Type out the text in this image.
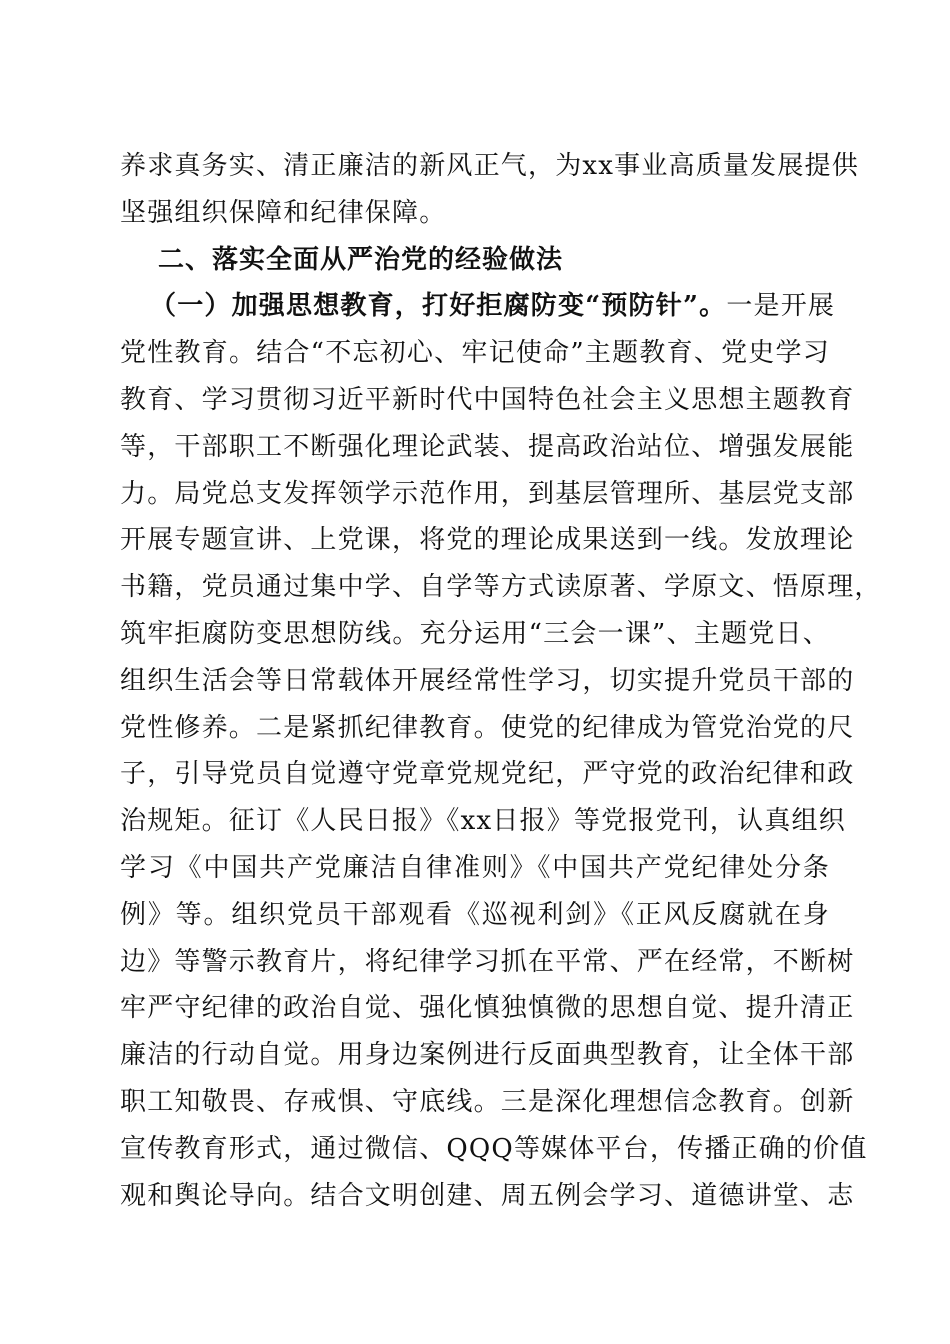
养求真务实、清正廉洁的新风正气，为xx事业高质量发展提供
坚强组织保障和纪律保障。
二、落实全面从严治党的经验做法
（一）加强思想教育，打好拒腐防变“预防针”。一是开展
党性教育。结合“不忘初心、牢记使命”主题教育、党史学习
教育、学习贯彻习近平新时代中国特色社会主义思想主题教育
等，干部职工不断强化理论武装、提高政治站位、增强发展能
力。局党总支发挥领学示范作用，到基层管理所、基层党支部
开展专题宣讲、上党课，将党的理论成果送到一线。发放理论
书籍，党员通过集中学、自学等方式读原著、学原文、悟原理，
筑牢拒腐防变思想防线。充分运用“三会一课”、主题党日、
组织生活会等日常载体开展经常性学习，切实提升党员干部的
党性修养。二是紧抓纪律教育。使党的纪律成为管党治党的尺
子，引导党员自觉遵守党章党规党纪，严守党的政治纪律和政
治规矩。征订《人民日报》《xx日报》等党报党刊，认真组织
学习《中国共产党廉洁自律准则》《中国共产党纪律处分条
例》等。组织党员干部观看《巡视利剑》《正风反腐就在身
边》等警示教育片，将纪律学习抓在平常、严在经常，不断树
牢严守纪律的政治自觉、强化慎独慎微的思想自觉、提升清正
廉洁的行动自觉。用身边案例进行反面典型教育，让全体干部
职工知敬畏、存戒惧、守底线。三是深化理想信念教育。创新
宣传教育形式，通过微信、QQQ等媒体平台，传播正确的价值
观和舆论导向。结合文明创建、周五例会学习、道德讲堂、志
